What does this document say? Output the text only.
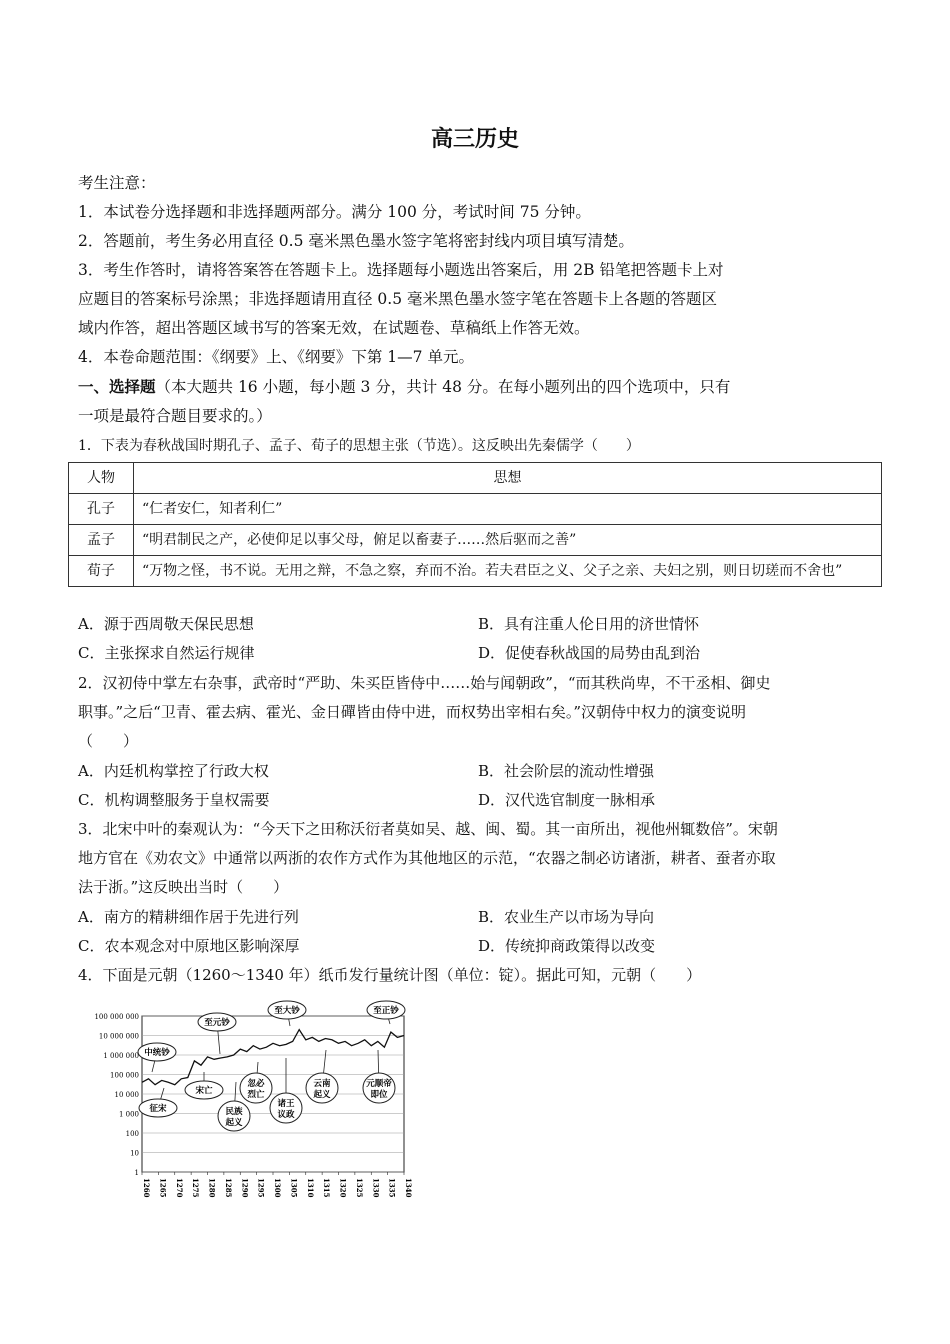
高三历史
考生注意：
1．本试卷分选择题和非选择题两部分。满分 100 分，考试时间 75 分钟。
2．答题前，考生务必用直径 0.5 毫米黑色墨水签字笔将密封线内项目填写清楚。
3．考生作答时，请将答案答在答题卡上。选择题每小题选出答案后，用 2B 铅笔把答题卡上对
应题目的答案标号涂黑；非选择题请用直径 0.5 毫米黑色墨水签字笔在答题卡上各题的答题区
域内作答，超出答题区域书写的答案无效，在试题卷、草稿纸上作答无效。
4．本卷命题范围：《纲要》上、《纲要》下第 1—7 单元。
一、选择题（本大题共 16 小题，每小题 3 分，共计 48 分。在每小题列出的四个选项中，只有
一项是最符合题目要求的。）
1．下表为春秋战国时期孔子、孟子、荀子的思想主张（节选）。这反映出先秦儒学（　　）
人物	思想
孔子	“仁者安仁，知者利仁”
孟子	“明君制民之产，必使仰足以事父母，俯足以畜妻子……然后驱而之善”
荀子	“万物之怪，书不说。无用之辩，不急之察，弃而不治。若夫君臣之义、父子之亲、夫妇之别，则日切瑳而不舍也”
A．源于西周敬天保民思想	B．具有注重人伦日用的济世情怀
C．主张探求自然运行规律	D．促使春秋战国的局势由乱到治
2．汉初侍中掌左右杂事，武帝时“严助、朱买臣皆侍中……始与闻朝政”，“而其秩尚卑，不干丞相、御史
职事。”之后“卫青、霍去病、霍光、金日磾皆由侍中进，而权势出宰相右矣。”汉朝侍中权力的演变说明
（　　）
A．内廷机构掌控了行政大权	B．社会阶层的流动性增强
C．机构调整服务于皇权需要	D．汉代选官制度一脉相承
3．北宋中叶的秦观认为：“今天下之田称沃衍者莫如吴、越、闽、蜀。其一亩所出，视他州辄数倍”。宋朝
地方官在《劝农文》中通常以两浙的农作方式作为其他地区的示范，“农器之制必访诸浙，耕者、蚕者亦取
法于浙。”这反映出当时（　　）
A．南方的精耕细作居于先进行列	B．农业生产以市场为导向
C．农本观念对中原地区影响深厚	D．传统抑商政策得以改变
4．下面是元朝（1260～1340 年）纸币发行量统计图（单位：锭）。据此可知，元朝（　　）
100 000 000
10 000 000
1 000 000
100 000
10 000
1 000
100
10
1
1260 1265 1270 1275 1280 1285 1290 1295 1300 1305 1310 1315 1320 1325 1330 1335 1340
中统钞
至元钞
至大钞	至正钞
征宋
宋亡
忽必
烈亡
民族
起义
诸王
议政
云南
起义
元顺帝
即位
